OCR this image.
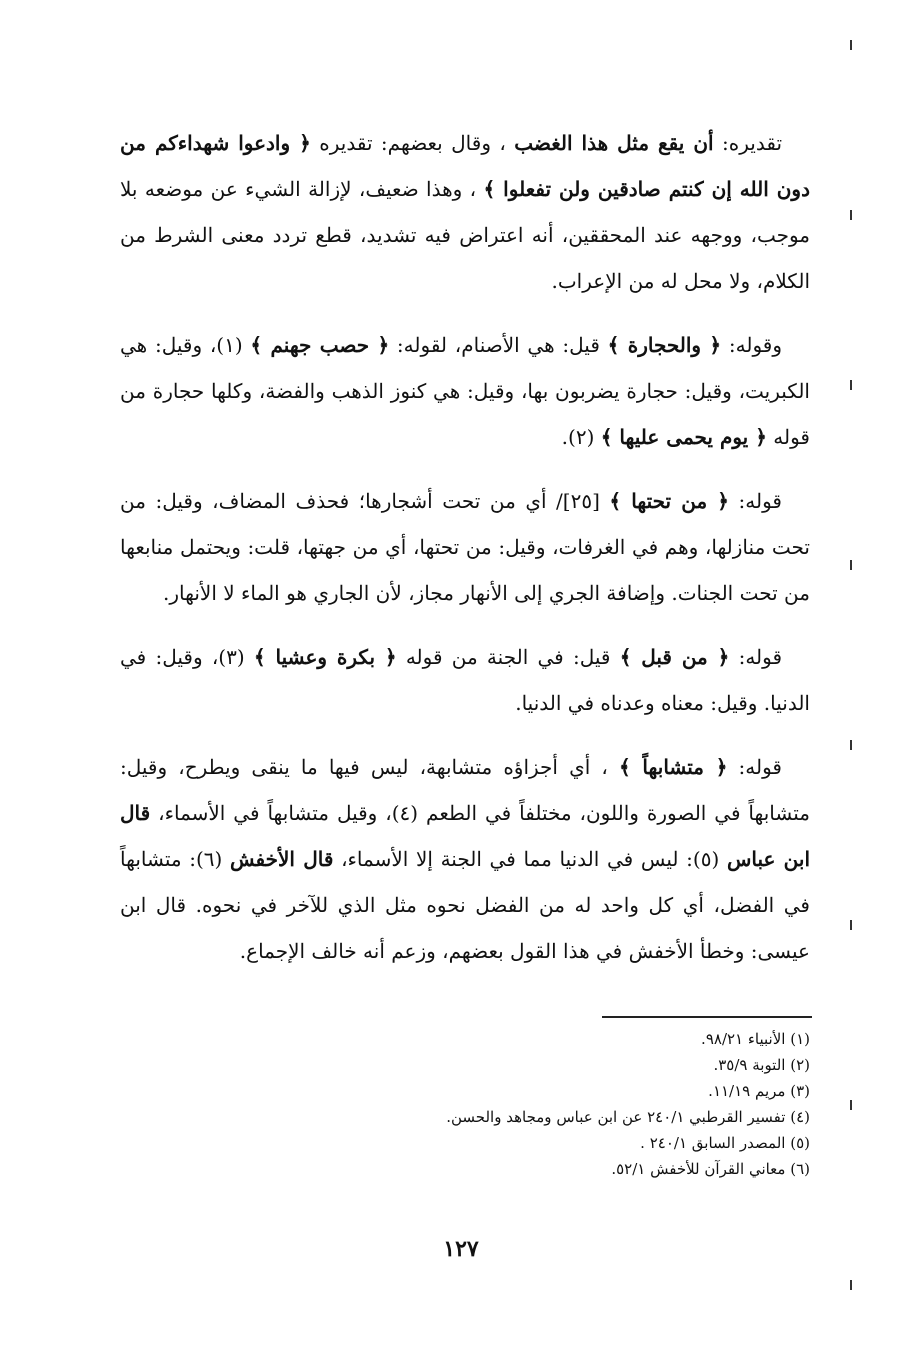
تقديره: أن يقع مثل هذا الغضب ، وقال بعضهم: تقديره ﴿ وادعوا شهداءكم من دون الله إن كنتم صادقين ولن تفعلوا ﴾ ، وهذا ضعيف، لإزالة الشيء عن موضعه بلا موجب، ووجهه عند المحققين، أنه اعتراض فيه تشديد، قطع تردد معنى الشرط من الكلام، ولا محل له من الإعراب.

وقوله: ﴿ والحجارة ﴾ قيل: هي الأصنام، لقوله: ﴿ حصب جهنم ﴾ (١)، وقيل: هي الكبريت، وقيل: حجارة يضربون بها، وقيل: هي كنوز الذهب والفضة، وكلها حجارة من قوله ﴿ يوم يحمى عليها ﴾ (٢).

قوله: ﴿ من تحتها ﴾ [٢٥]/ أي من تحت أشجارها؛ فحذف المضاف، وقيل: من تحت منازلها، وهم في الغرفات، وقيل: من تحتها، أي من جهتها، قلت: ويحتمل منابعها من تحت الجنات. وإضافة الجري إلى الأنهار مجاز، لأن الجاري هو الماء لا الأنهار.

قوله: ﴿ من قبل ﴾ قيل: في الجنة من قوله ﴿ بكرة وعشيا ﴾ (٣)، وقيل: في الدنيا. وقيل: معناه وعدناه في الدنيا.

قوله: ﴿ متشابهاً ﴾ ، أي أجزاؤه متشابهة، ليس فيها ما ينقى ويطرح، وقيل: متشابهاً في الصورة واللون، مختلفاً في الطعم (٤)، وقيل متشابهاً في الأسماء، قال ابن عباس (٥): ليس في الدنيا مما في الجنة إلا الأسماء، قال الأخفش (٦): متشابهاً في الفضل، أي كل واحد له من الفضل نحوه مثل الذي للآخر في نحوه. قال ابن عيسى: وخطأ الأخفش في هذا القول بعضهم، وزعم أنه خالف الإجماع.

(١) الأنبياء ٩٨/٢١.

(٢) التوبة ٣٥/٩.

(٣) مريم ١١/١٩.

(٤) تفسير القرطبي ٢٤٠/١ عن ابن عباس ومجاهد والحسن.

(٥) المصدر السابق ٢٤٠/١ .

(٦) معاني القرآن للأخفش ٥٢/١.

١٢٧
